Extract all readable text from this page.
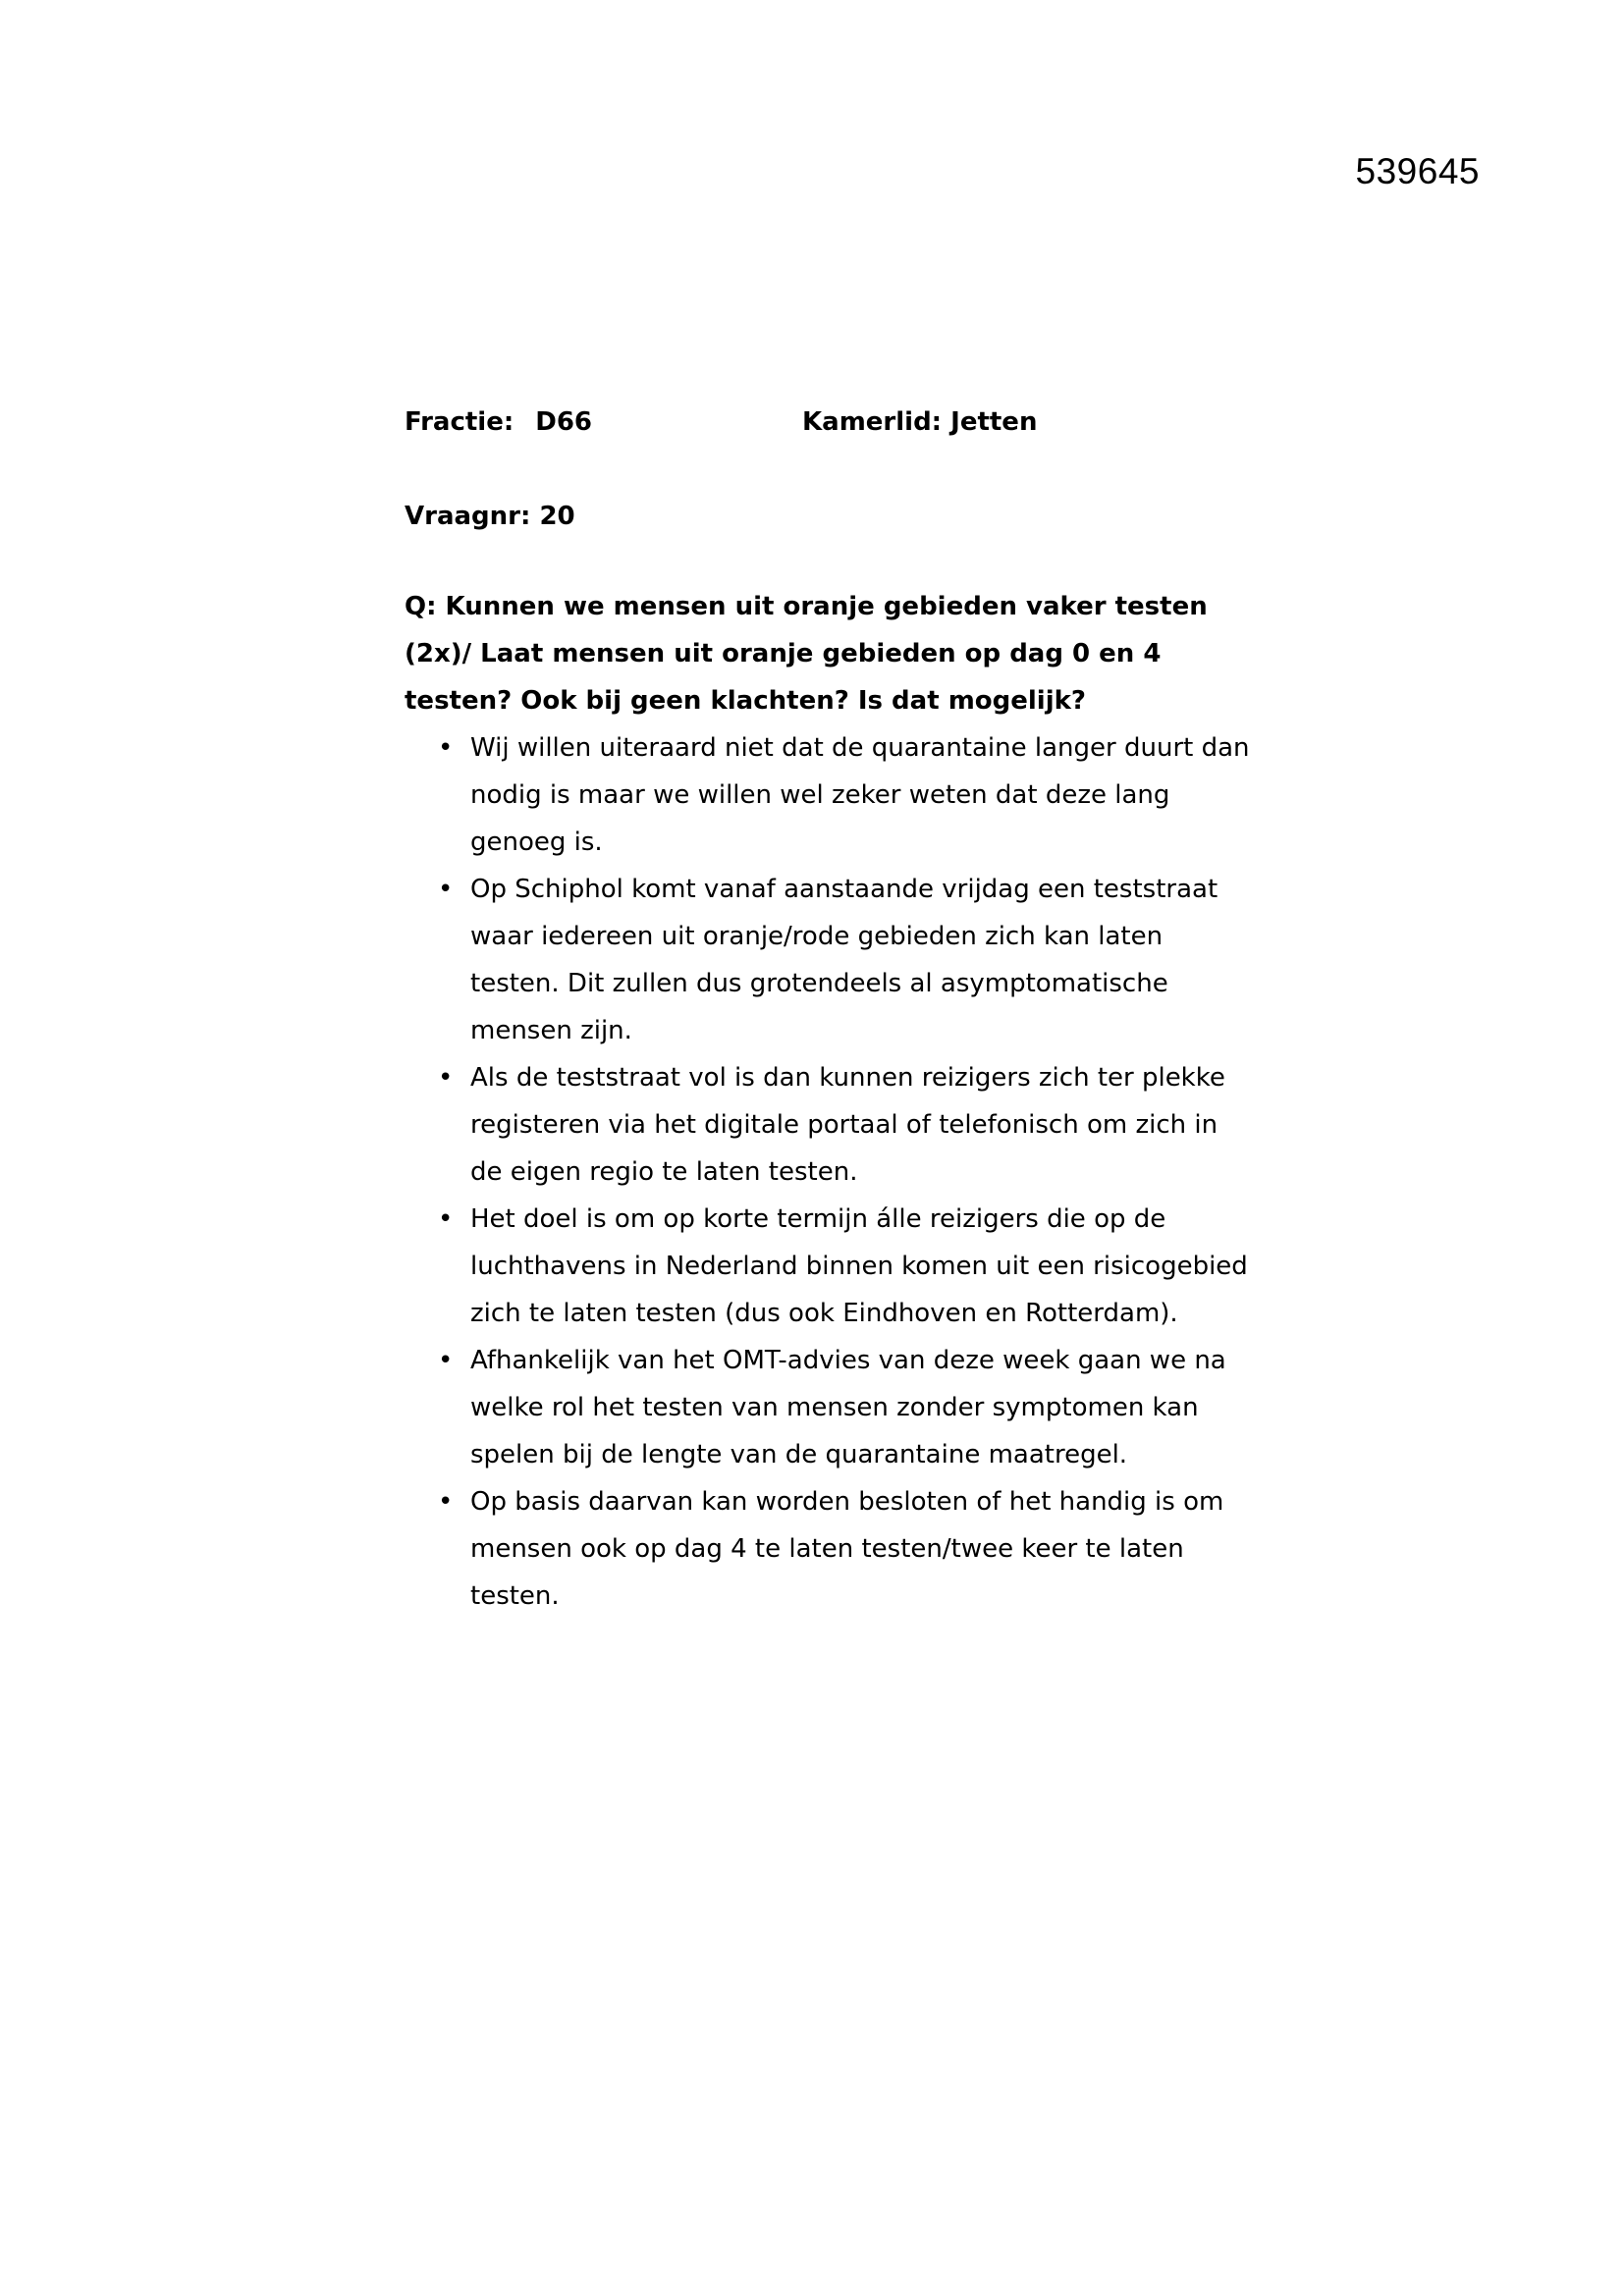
539645
Fractie: D66	Kamerlid: Jetten
Vraagnr: 20

Q: Kunnen we mensen uit oranje gebieden vaker testen (2x)/ Laat mensen uit oranje gebieden op dag 0 en 4 testen? Ook bij geen klachten? Is dat mogelijk?

• Wij willen uiteraard niet dat de quarantaine langer duurt dan nodig is maar we willen wel zeker weten dat deze lang genoeg is.
• Op Schiphol komt vanaf aanstaande vrijdag een teststraat waar iedereen uit oranje/rode gebieden zich kan laten testen. Dit zullen dus grotendeels al asymptomatische mensen zijn.
• Als de teststraat vol is dan kunnen reizigers zich ter plekke registeren via het digitale portaal of telefonisch om zich in de eigen regio te laten testen.
• Het doel is om op korte termijn álle reizigers die op de luchthavens in Nederland binnen komen uit een risicogebied zich te laten testen (dus ook Eindhoven en Rotterdam).
• Afhankelijk van het OMT-advies van deze week gaan we na welke rol het testen van mensen zonder symptomen kan spelen bij de lengte van de quarantaine maatregel.
• Op basis daarvan kan worden besloten of het handig is om mensen ook op dag 4 te laten testen/twee keer te laten testen.
